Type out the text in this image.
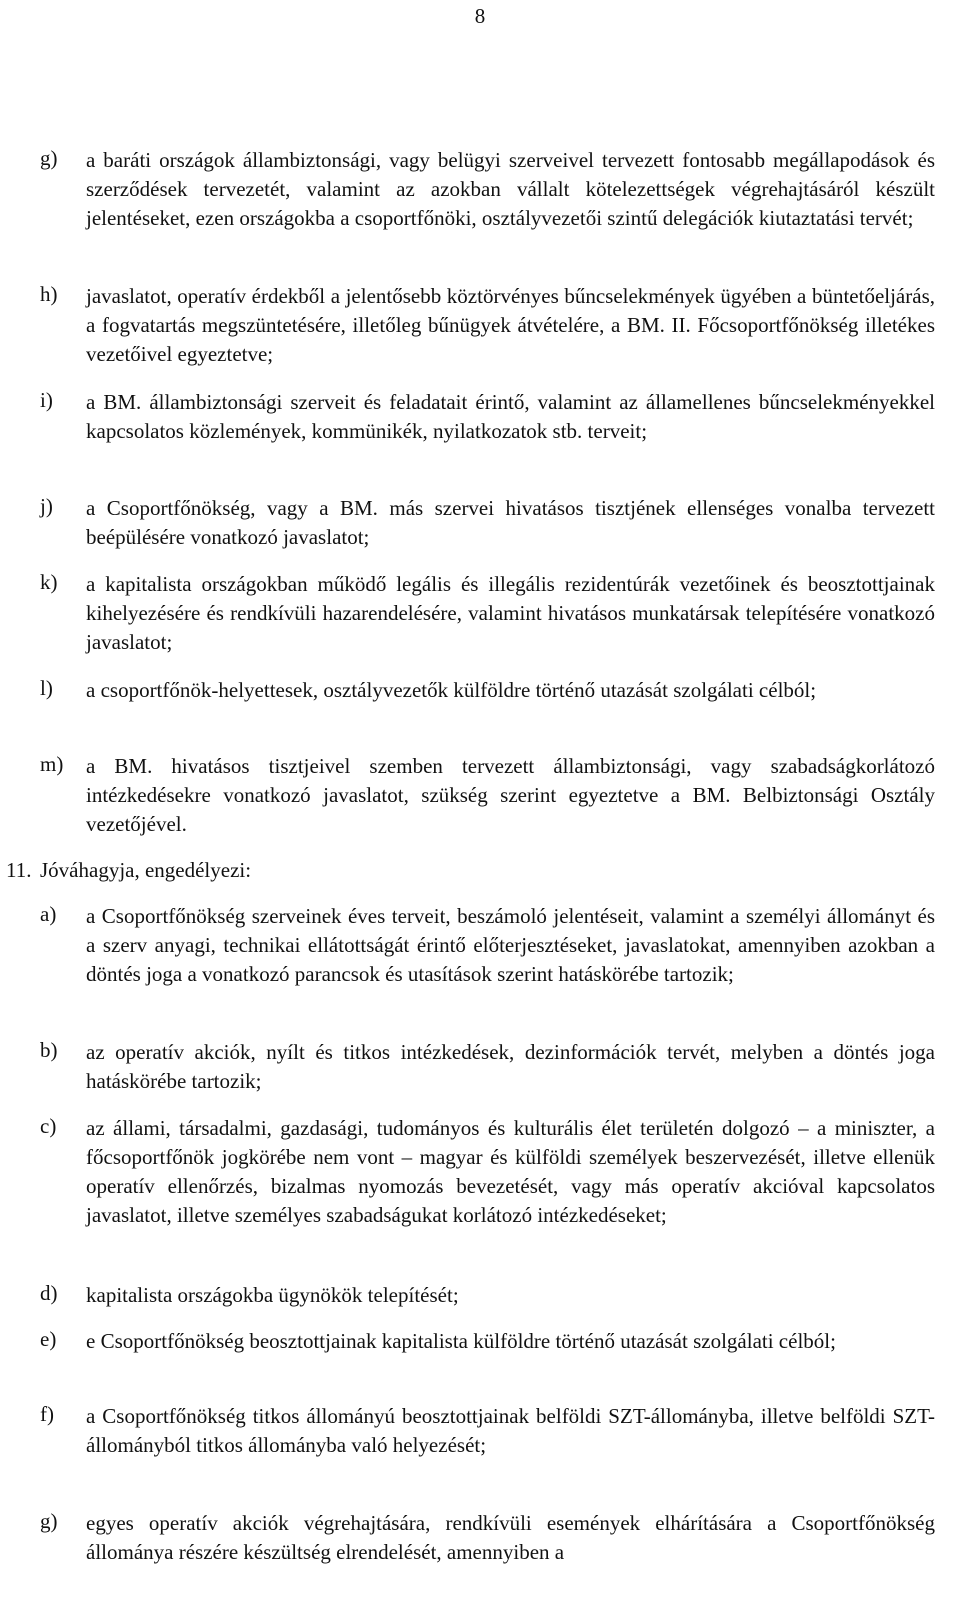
8
g) a baráti országok állambiztonsági, vagy belügyi szerveivel tervezett fontosabb megállapodások és szerződések tervezetét, valamint az azokban vállalt kötelezettségek végrehajtásáról készült jelentéseket, ezen országokba a csoportfőnöki, osztályvezetői szintű delegációk kiutaztatási tervét;
h) javaslatot, operatív érdekből a jelentősebb köztörvényes bűncselekmények ügyében a büntetőeljárás, a fogvatartás megszüntetésére, illetőleg bűnügyek átvételére, a BM. II. Főcsoportfőnökség illetékes vezetőivel egyeztetve;
i) a BM. állambiztonsági szerveit és feladatait érintő, valamint az államellenes bűncselekményekkel kapcsolatos közlemények, kommünikék, nyilatkozatok stb. terveit;
j) a Csoportfőnökség, vagy a BM. más szervei hivatásos tisztjének ellenséges vonalba tervezett beépülésére vonatkozó javaslatot;
k) a kapitalista országokban működő legális és illegális rezidentúrák vezetőinek és beosztottjainak kihelyezésére és rendkívüli hazarendelésére, valamint hivatásos munkatársak telepítésére vonatkozó javaslatot;
l) a csoportfőnök-helyettesek, osztályvezetők külföldre történő utazását szolgálati célból;
m) a BM. hivatásos tisztjeivel szemben tervezett állambiztonsági, vagy szabadságkorlátozó intézkedésekre vonatkozó javaslatot, szükség szerint egyeztetve a BM. Belbiztonsági Osztály vezetőjével.
11. Jóváhagyja, engedélyezi:
a) a Csoportfőnökség szerveinek éves terveit, beszámoló jelentéseit, valamint a személyi állományt és a szerv anyagi, technikai ellátottságát érintő előterjesztéseket, javaslatokat, amennyiben azokban a döntés joga a vonatkozó parancsok és utasítások szerint hatáskörébe tartozik;
b) az operatív akciók, nyílt és titkos intézkedések, dezinformációk tervét, melyben a döntés joga hatáskörébe tartozik;
c) az állami, társadalmi, gazdasági, tudományos és kulturális élet területén dolgozó – a miniszter, a főcsoportfőnök jogkörébe nem vont – magyar és külföldi személyek beszervezését, illetve ellenük operatív ellenőrzés, bizalmas nyomozás bevezetését, vagy más operatív akcióval kapcsolatos javaslatot, illetve személyes szabadságukat korlátozó intézkedéseket;
d) kapitalista országokba ügynökök telepítését;
e) e Csoportfőnökség beosztottjainak kapitalista külföldre történő utazását szolgálati célból;
f) a Csoportfőnökség titkos állományú beosztottjainak belföldi SZT-állományba, illetve belföldi SZT-állományból titkos állományba való helyezését;
g) egyes operatív akciók végrehajtására, rendkívüli események elhárítására a Csoportfőnökség állománya részére készültség elrendelését, amennyiben a
